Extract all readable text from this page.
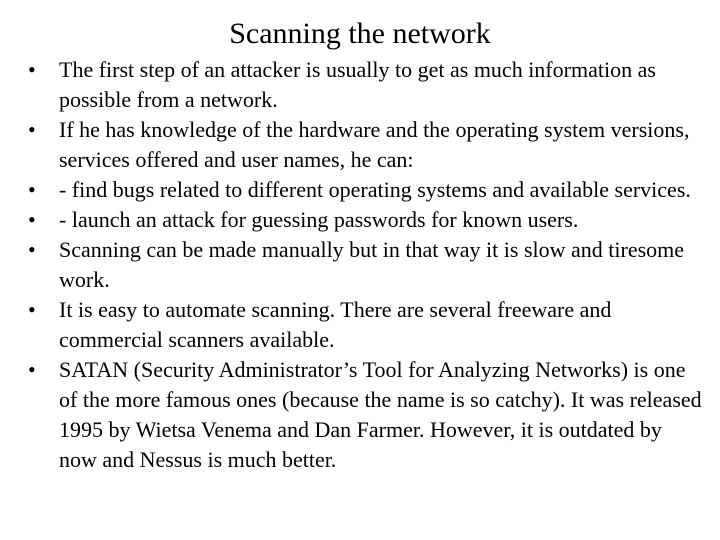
Scanning the network
• The first step of an attacker is usually to get as much information as possible from a network.
• If he has knowledge of the hardware and the operating system versions, services offered and user names, he can:
• - find bugs related to different operating systems and available services.
• - launch an attack for guessing passwords for known users.
• Scanning can be made manually but in that way it is slow and tiresome work.
• It is easy to automate scanning. There are several freeware and commercial scanners available.
• SATAN (Security Administrator’s Tool for Analyzing Networks) is one of the more famous ones (because the name is so catchy). It was released 1995 by Wietsa Venema and Dan Farmer. However, it is outdated by now and Nessus is much better.
